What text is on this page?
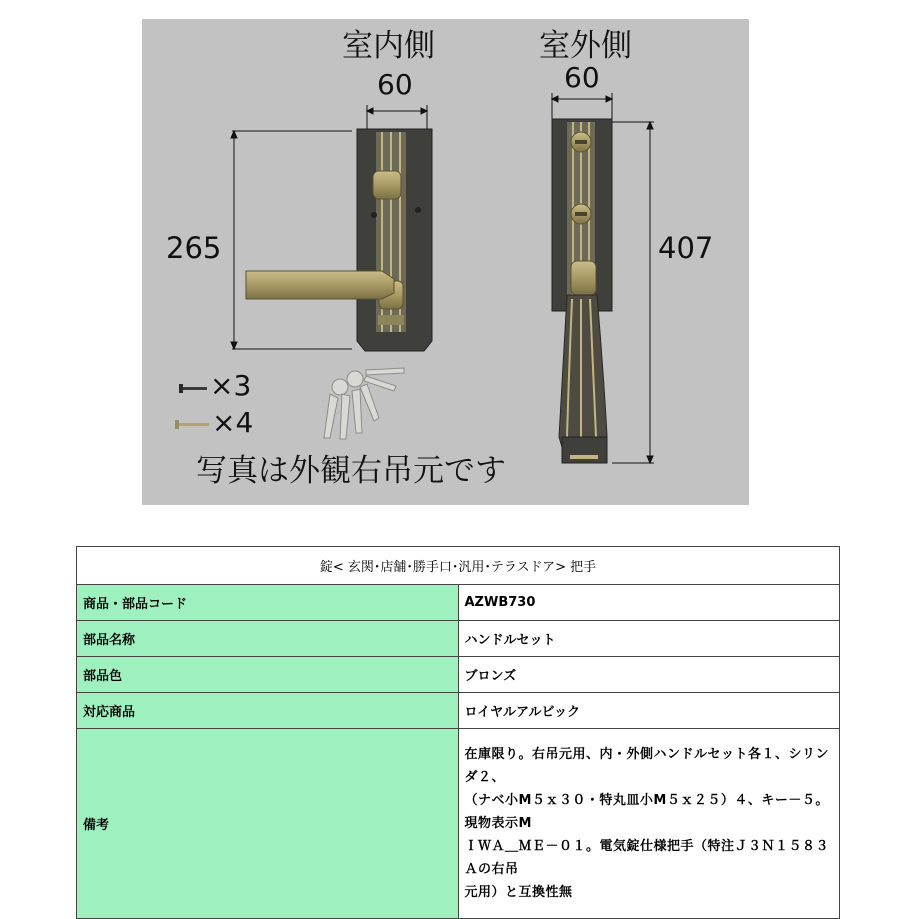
室内側	室外側
60	60
265	407
×3
×4
写真は外観右吊元です
錠< 玄関･店舗･勝手口･汎用･テラスドア> 把手	
商品・部品コード	AZWB730
部品名称	ハンドルセット
部品色	ブロンズ
対応商品	ロイヤルアルビック
備考	在庫限り。右吊元用、内・外側ハンドルセット各１、シリンダ２、
（ナベ小M５ｘ３０・特丸皿小M５ｘ２５）４、キー－５。現物表示M
ＩＷＡ＿ＭＥ－０１。電気錠仕様把手（特注Ｊ３Ｎ１５８３Ａの右吊
元用）と互換性無
